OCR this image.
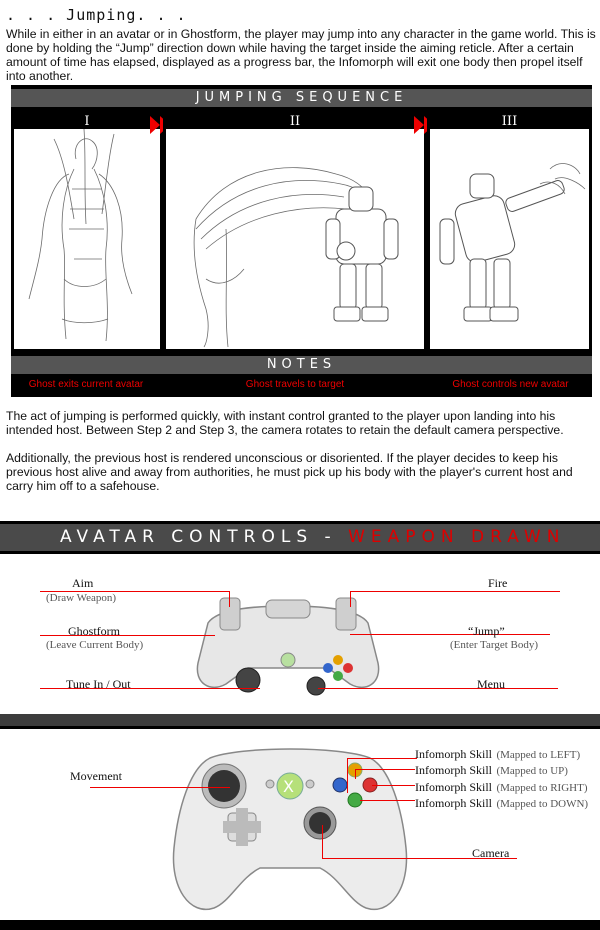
. . . Jumping. . .
While in either in an avatar or in Ghostform, the player may jump into any character in the game world. This is done by holding the “Jump” direction down while having the target inside the aiming reticle. After a certain amount of time has elapsed, displayed as a progress bar, the Infomorph will exit one body then propel itself into another.
JUMPING SEQUENCE
I	II	III
NOTES
Ghost exits current avatar	Ghost travels to target	Ghost controls new avatar
The act of jumping is performed quickly, with instant control granted to the player upon landing into his intended host. Between Step 2 and Step 3, the camera rotates to retain the default camera perspective.
Additionally, the previous host is rendered unconscious or disoriented. If the player decides to keep his previous host alive and away from authorities, he must pick up his body with the player's current host and carry him off to a safehouse.
AVATAR CONTROLS - WEAPON DRAWN
Aim
(Draw Weapon)
Ghostform
(Leave Current Body)
Tune In / Out
Fire
“Jump”
(Enter Target Body)
Menu
X
Movement
Camera
Infomorph Skill (Mapped to LEFT)
Infomorph Skill (Mapped to UP)
Infomorph Skill (Mapped to RIGHT)
Infomorph Skill (Mapped to DOWN)
